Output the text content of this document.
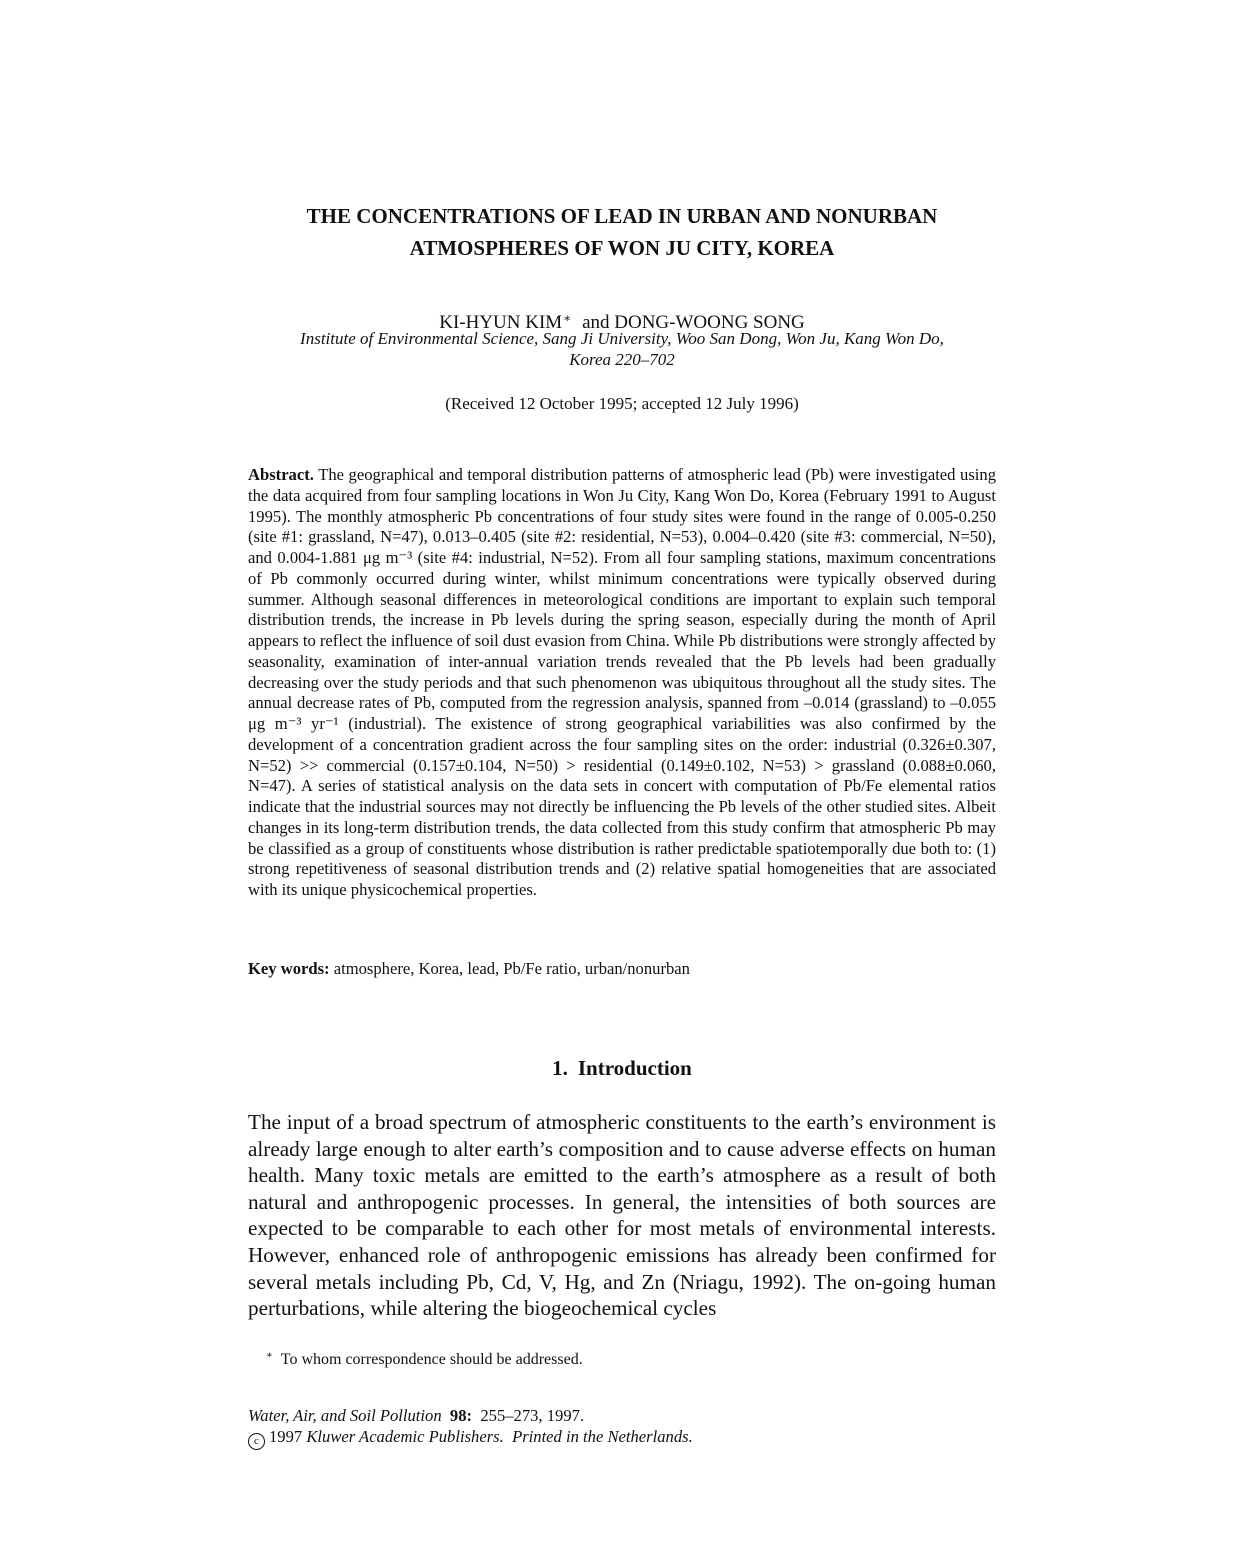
THE CONCENTRATIONS OF LEAD IN URBAN AND NONURBAN
ATMOSPHERES OF WON JU CITY, KOREA
KI-HYUN KIM∗ and DONG-WOONG SONG
Institute of Environmental Science, Sang Ji University, Woo San Dong, Won Ju, Kang Won Do,
Korea 220–702
(Received 12 October 1995; accepted 12 July 1996)

Abstract. The geographical and temporal distribution patterns of atmospheric lead (Pb) were investigated using the data acquired from four sampling locations in Won Ju City, Kang Won Do, Korea (February 1991 to August 1995). The monthly atmospheric Pb concentrations of four study sites were found in the range of 0.005-0.250 (site #1: grassland, N=47), 0.013–0.405 (site #2: residential, N=53), 0.004–0.420 (site #3: commercial, N=50), and 0.004-1.881 μg m⁻³ (site #4: industrial, N=52). From all four sampling stations, maximum concentrations of Pb commonly occurred during winter, whilst minimum concentrations were typically observed during summer. Although seasonal differences in meteorological conditions are important to explain such temporal distribution trends, the increase in Pb levels during the spring season, especially during the month of April appears to reflect the influence of soil dust evasion from China. While Pb distributions were strongly affected by seasonality, examination of inter-annual variation trends revealed that the Pb levels had been gradually decreasing over the study periods and that such phenomenon was ubiquitous throughout all the study sites. The annual decrease rates of Pb, computed from the regression analysis, spanned from –0.014 (grassland) to –0.055 μg m⁻³ yr⁻¹ (industrial). The existence of strong geographical variabilities was also confirmed by the development of a concentration gradient across the four sampling sites on the order: industrial (0.326±0.307, N=52) >> commercial (0.157±0.104, N=50) > residential (0.149±0.102, N=53) > grassland (0.088±0.060, N=47). A series of statistical analysis on the data sets in concert with computation of Pb/Fe elemental ratios indicate that the industrial sources may not directly be influencing the Pb levels of the other studied sites. Albeit changes in its long-term distribution trends, the data collected from this study confirm that atmospheric Pb may be classified as a group of constituents whose distribution is rather predictable spatiotemporally due both to: (1) strong repetitiveness of seasonal distribution trends and (2) relative spatial homogeneities that are associated with its unique physicochemical properties.

Key words: atmosphere, Korea, lead, Pb/Fe ratio, urban/nonurban
1. Introduction

The input of a broad spectrum of atmospheric constituents to the earth’s environment is already large enough to alter earth’s composition and to cause adverse effects on human health. Many toxic metals are emitted to the earth’s atmosphere as a result of both natural and anthropogenic processes. In general, the intensities of both sources are expected to be comparable to each other for most metals of environmental interests. However, enhanced role of anthropogenic emissions has already been confirmed for several metals including Pb, Cd, V, Hg, and Zn (Nriagu, 1992). The on-going human perturbations, while altering the biogeochemical cycles

∗ To whom correspondence should be addressed.
Water, Air, and Soil Pollution 98: 255–273, 1997.
c 1997 Kluwer Academic Publishers. Printed in the Netherlands.
